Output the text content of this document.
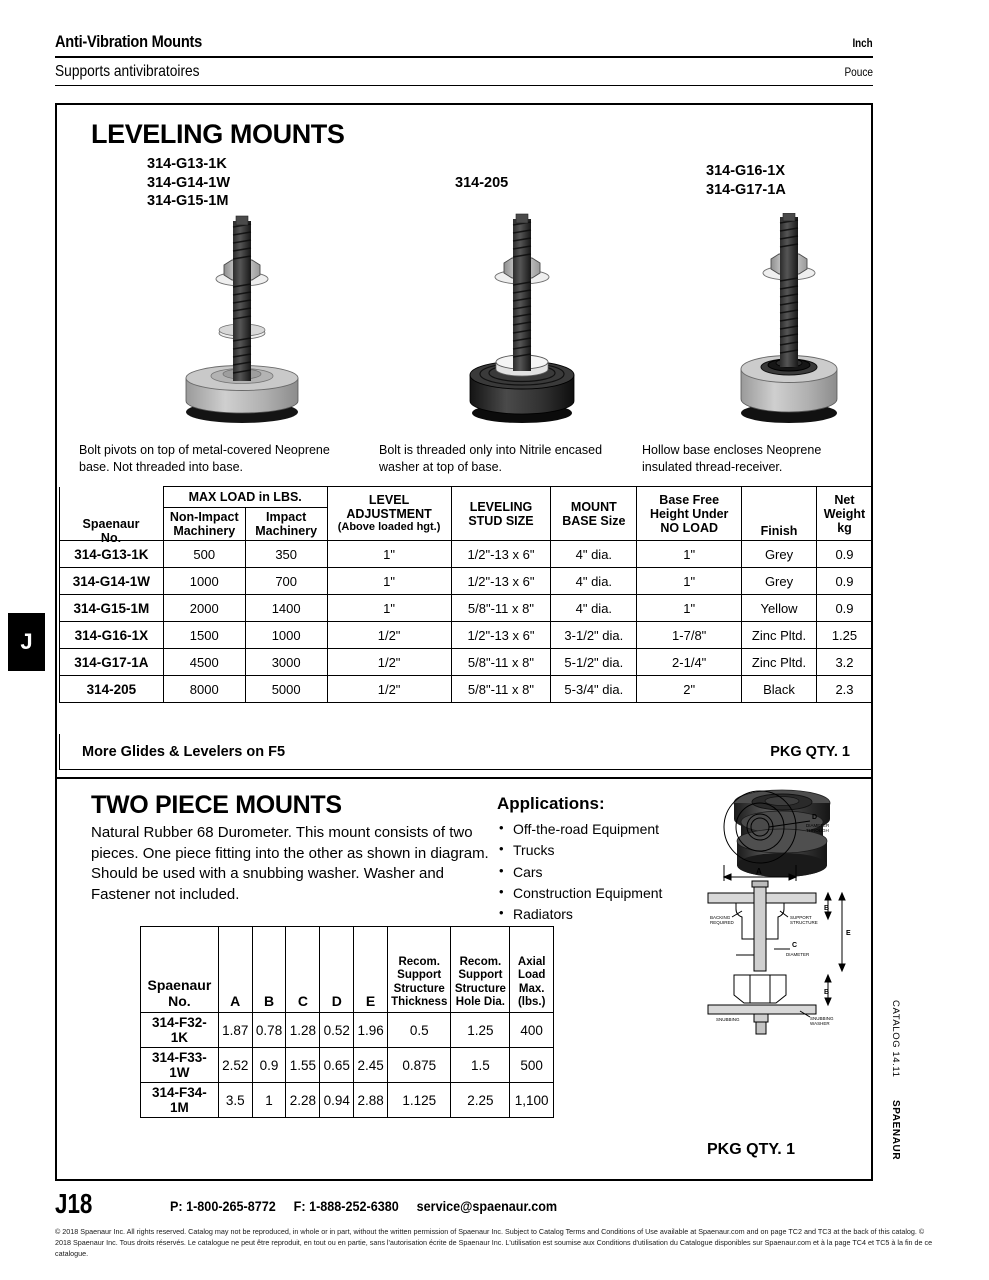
Anti-Vibration Mounts	Inch
Supports antivibratoires	Pouce
J
CATALOG 14.11
SPAENAUR
LEVELING MOUNTS
314-G13-1K
314-G14-1W
314-G15-1M
314-205
314-G16-1X
314-G17-1A
Bolt pivots on top of metal-covered Neoprene base. Not threaded into base.
Bolt is threaded only into Nitrile encased washer at top of base.
Hollow base encloses Neoprene insulated thread-receiver.
	MAX LOAD in LBS.	LEVEL
ADJUSTMENT
(Above loaded hgt.)

LEVELING
STUD SIZE

MOUNT
BASE Size

Base Free
Height Under
NO LOAD	Finish

Net
Weight
kg

Non-Impact
Machinery

Impact
Machinery

314-G13-1K	500	350	1"	1/2"-13 x 6"	4" dia.	1"	Grey	0.9
314-G14-1W	1000	700	1"	1/2"-13 x 6"	4" dia.	1"	Grey	0.9
314-G15-1M	2000	1400	1"	5/8"-11 x 8"	4" dia.	1"	Yellow	0.9
314-G16-1X	1500	1000	1/2"	1/2"-13 x 6"	3-1/2" dia.	1-7/8"	Zinc Pltd.	1.25
314-G17-1A	4500	3000	1/2"	5/8"-11 x 8"	5-1/2" dia.	2-1/4"	Zinc Pltd.	3.2
314-205	8000	5000	1/2"	5/8"-11 x 8"	5-3/4" dia.	2"	Black	2.3
Spaenaur
No.
More Glides & Levelers on F5	PKG QTY. 1
TWO PIECE MOUNTS
Natural Rubber 68 Durometer. This mount consists of two pieces. One piece fitting into the other as shown in diagram. Should be used with a snubbing washer. Washer and Fastener not included.
Applications:
• Off-the-road Equipment
• Trucks
• Cars
• Construction Equipment
• Radiators
D
DIAMETER
THROUGH
A
B
E
B
BACKING
REQUIRED
SUPPORT
STRUCTURE
C
DIAMETER
SNUBBING	SNUBBING
WASHER
Spaenaur No.	A	B	C	D	E	
Recom.
Support
Structure
Thickness

Recom.
Support
Structure
Hole Dia.

Axial
Load
Max.
(lbs.)

314-F32-1K	1.87	0.78	1.28	0.52	1.96	0.5	1.25	400
314-F33-1W	2.52	0.9	1.55	0.65	2.45	0.875	1.5	500
314-F34-1M	3.5	1	2.28	0.94	2.88	1.125	2.25	1,100
PKG QTY. 1
J18	P: 1-800-265-8772 F: 1-888-252-6380 service@spaenaur.com
© 2018 Spaenaur Inc. All rights reserved. Catalog may not be reproduced, in whole or in part, without the written permission of Spaenaur Inc. Subject to Catalog Terms and Conditions of Use available at Spaenaur.com and on page TC2 and TC3 at the back of this catalog. © 2018 Spaenaur Inc. Tous droits réservés. Le catalogue ne peut être reproduit, en tout ou en partie, sans l'autorisation écrite de Spaenaur Inc. L'utilisation est soumise aux Conditions d'utilisation du Catalogue disponibles sur Spaenaur.com et à la page TC4 et TC5 à la fin de ce catalogue.
